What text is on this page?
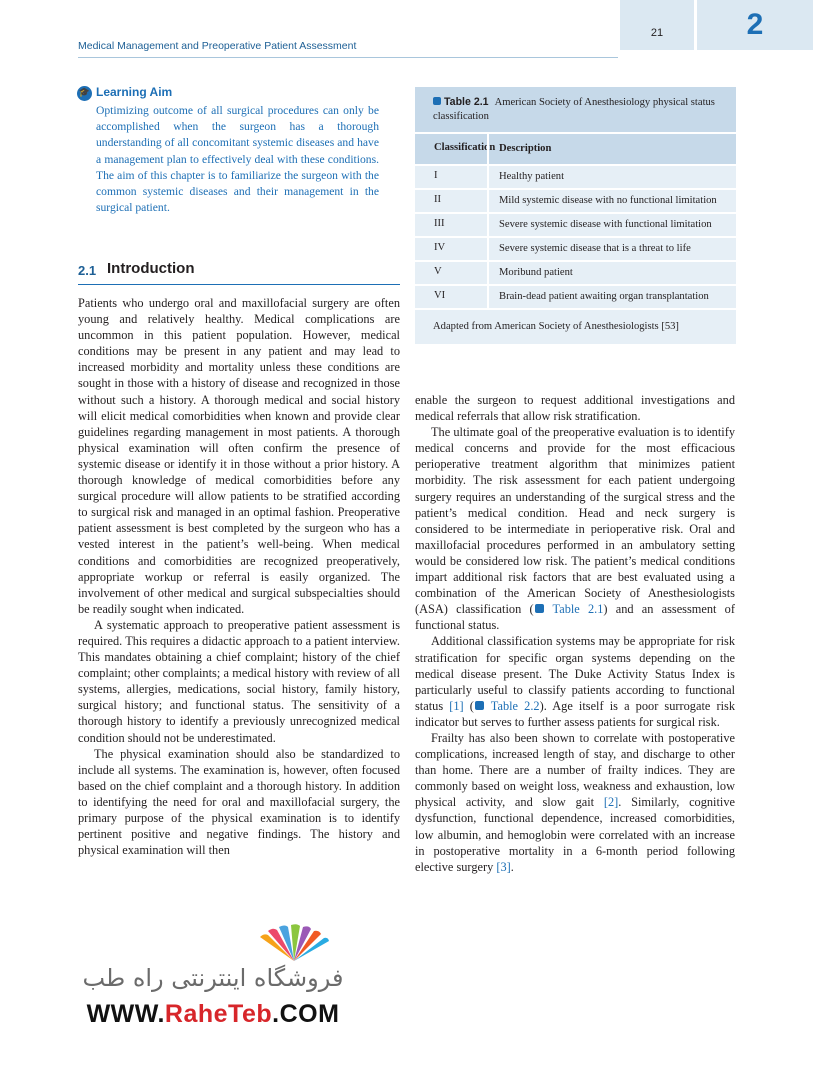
Medical Management and Preoperative Patient Assessment
21	2
🎓 Learning Aim
Optimizing outcome of all surgical procedures can only be accomplished when the surgeon has a thorough understanding of all concomitant systemic diseases and have a management plan to effectively deal with these conditions. The aim of this chapter is to familiarize the surgeon with the common systemic diseases and their management in the surgical patient.
2.1 Introduction

Patients who undergo oral and maxillofacial surgery are often young and relatively healthy. Medical complications are uncommon in this patient population. However, medical conditions may be present in any patient and may lead to increased morbidity and mortality unless these conditions are sought in those with a history of disease and recognized in those without such a history. A thorough medical and social history will elicit medical comorbidities when known and provide clear guidelines regarding management in most patients. A thorough physical examination will often confirm the presence of systemic disease or identify it in those without a prior history. A thorough knowledge of medical comorbidities before any surgical procedure will allow patients to be stratified according to surgical risk and managed in an optimal fashion. Preoperative patient assessment is best completed by the surgeon who has a vested interest in the patient’s well-being. When medical conditions and comorbidities are recognized preoperatively, appropriate workup or referral is easily organized. The involvement of other medical and surgical subspecialties should be readily sought when indicated.

A systematic approach to preoperative patient assessment is required. This requires a didactic approach to a patient interview. This mandates obtaining a chief complaint; history of the chief complaint; other complaints; a medical history with review of all systems, allergies, medications, social history, family history, surgical history; and functional status. The sensitivity of a thorough history to identify a previously unrecognized medical condition should not be underestimated.

The physical examination should also be standardized to include all systems. The examination is, however, often focused based on the chief complaint and a thorough history. In addition to identifying the need for oral and maxillofacial surgery, the primary purpose of the physical examination is to identify pertinent positive and negative findings. The history and physical examination will then

Table 2.1 American Society of Anesthesiology physical status classification
Classification Description
I	Healthy patient
II	Mild systemic disease with no functional limitation
III	Severe systemic disease with functional limitation
IV	Severe systemic disease that is a threat to life
V	Moribund patient
VI	Brain-dead patient awaiting organ transplantation
Adapted from American Society of Anesthesiologists [53]

enable the surgeon to request additional investigations and medical referrals that allow risk stratification.

The ultimate goal of the preoperative evaluation is to identify medical concerns and provide for the most efficacious perioperative treatment algorithm that minimizes patient morbidity. The risk assessment for each patient undergoing surgery requires an understanding of the surgical stress and the patient’s medical condition. Head and neck surgery is considered to be intermediate in perioperative risk. Oral and maxillofacial procedures performed in an ambulatory setting would be considered low risk. The patient’s medical conditions impart additional risk factors that are best evaluated using a combination of the American Society of Anesthesiologists (ASA) classification ( Table 2.1) and an assessment of functional status.

Additional classification systems may be appropriate for risk stratification for specific organ systems depending on the medical disease present. The Duke Activity Status Index is particularly useful to classify patients according to functional status [1] ( Table 2.2). Age itself is a poor surrogate risk indicator but serves to further assess patients for surgical risk.

Frailty has also been shown to correlate with postoperative complications, increased length of stay, and discharge to other than home. There are a number of frailty indices. They are commonly based on weight loss, weakness and exhaustion, low physical activity, and slow gait [2]. Similarly, cognitive dysfunction, functional dependence, increased comorbidities, low albumin, and hemoglobin were correlated with an increase in postoperative mortality in a 6-month period following elective surgery [3].

فروشگاه اینترنتی راه طب
WWW.RaheTeb.COM
